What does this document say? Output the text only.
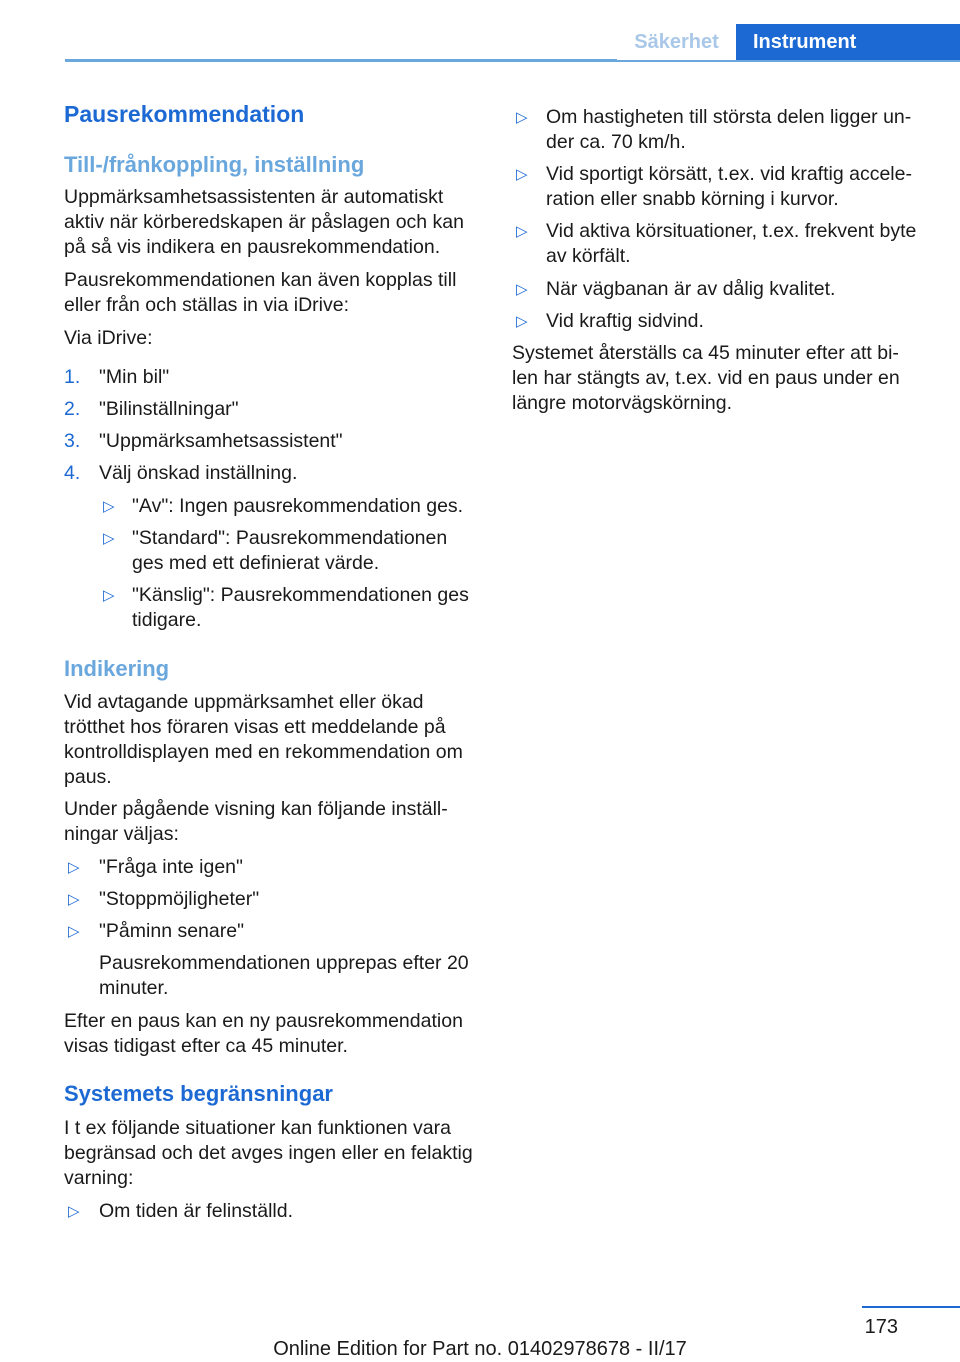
Säkerhet	Instrument
Pausrekommendation
Till-/frånkoppling, inställning
Uppmärksamhetsassistenten är automatiskt
aktiv när körberedskapen är påslagen och kan
på så vis indikera en pausrekommendation.
Pausrekommendationen kan även kopplas till
eller från och ställas in via iDrive:
Via iDrive:
1. "Min bil"
2. "Bilinställningar"
3. "Uppmärksamhetsassistent"
4. Välj önskad inställning.
▷ "Av": Ingen pausrekommendation ges.
▷ "Standard": Pausrekommendationen
ges med ett definierat värde.
▷ "Känslig": Pausrekommendationen ges
tidigare.
Indikering
Vid avtagande uppmärksamhet eller ökad
trötthet hos föraren visas ett meddelande på
kontrolldisplayen med en rekommendation om
paus.
Under pågående visning kan följande inställ-
ningar väljas:
▷ "Fråga inte igen"
▷ "Stoppmöjligheter"
▷ "Påminn senare"
Pausrekommendationen upprepas efter 20
minuter.
Efter en paus kan en ny pausrekommendation
visas tidigast efter ca 45 minuter.
Systemets begränsningar
I t ex följande situationer kan funktionen vara
begränsad och det avges ingen eller en felaktig
varning:
▷ Om tiden är felinställd.
▷ Om hastigheten till största delen ligger un-
der ca. 70 km/h.
▷ Vid sportigt körsätt, t.ex. vid kraftig accele-
ration eller snabb körning i kurvor.
▷ Vid aktiva körsituationer, t.ex. frekvent byte
av körfält.
▷ När vägbanan är av dålig kvalitet.
▷ Vid kraftig sidvind.
Systemet återställs ca 45 minuter efter att bi-
len har stängts av, t.ex. vid en paus under en
längre motorvägskörning.
173
Online Edition for Part no. 01402978678 - II/17
